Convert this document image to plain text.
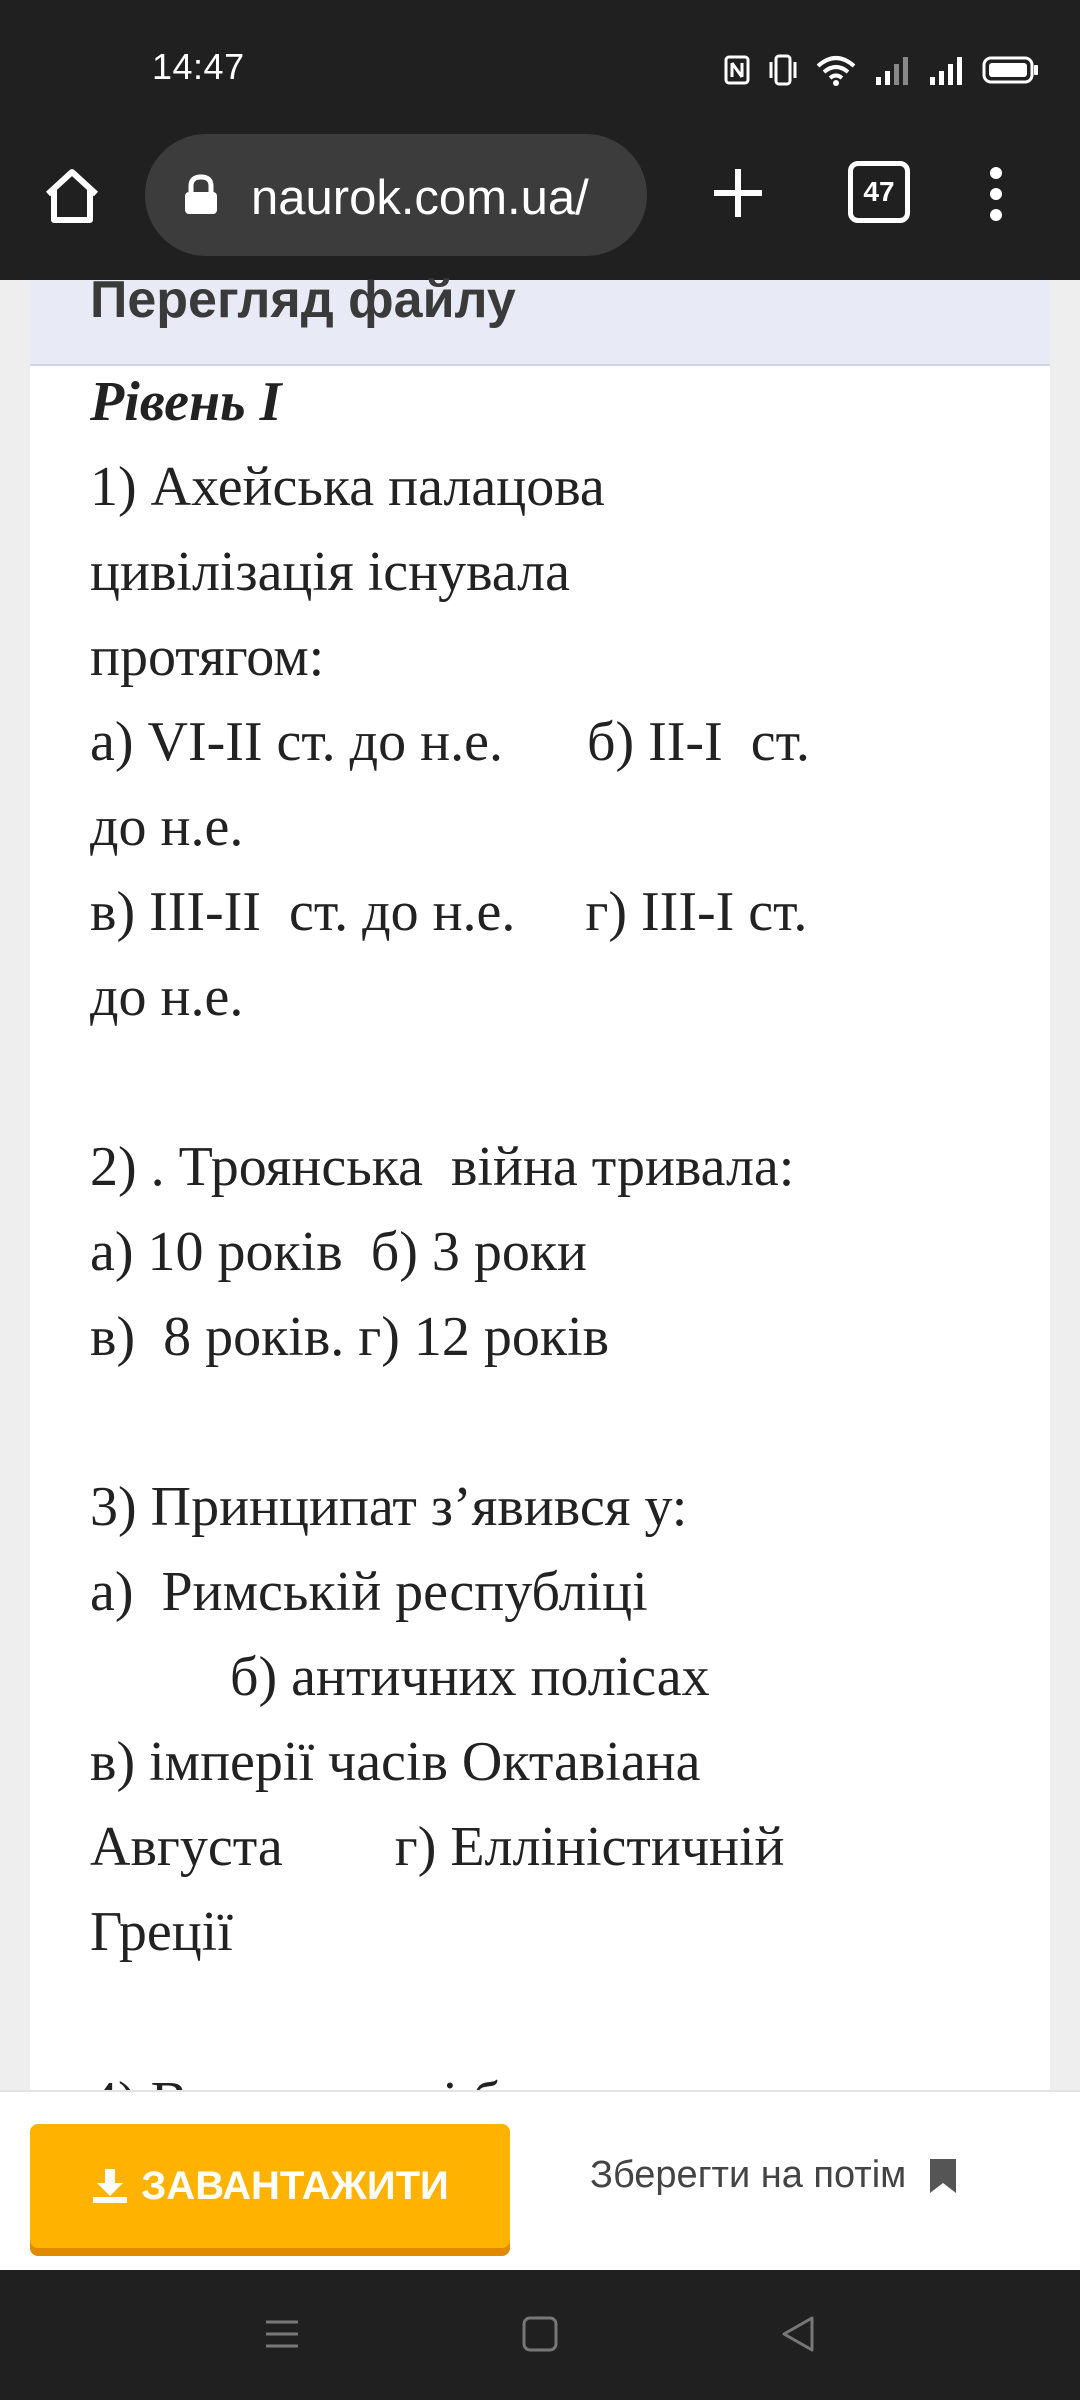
14:47
naurok.com.ua/	47
Перегляд файлу

Рівень І

1) Ахейська палацова

цивілізація існувала

протягом:

а) VІ-ІІ ст. до н.е.      б) ІІ-І  ст.

до н.е.

в) ІІІ-ІІ  ст. до н.е.     г) ІІІ-І ст.

до н.е.

2) . Троянська  війна тривала:

а) 10 років  б) 3 роки

в)  8 років. г) 12 років

3) Принципат з’явився у:

а)  Римській республіці

б) античних полісах

в) імперії часів Октавіана

Августа        г) Елліністичній

Греції

ЗАВАНТАЖИТИ	Зберегти на потім
